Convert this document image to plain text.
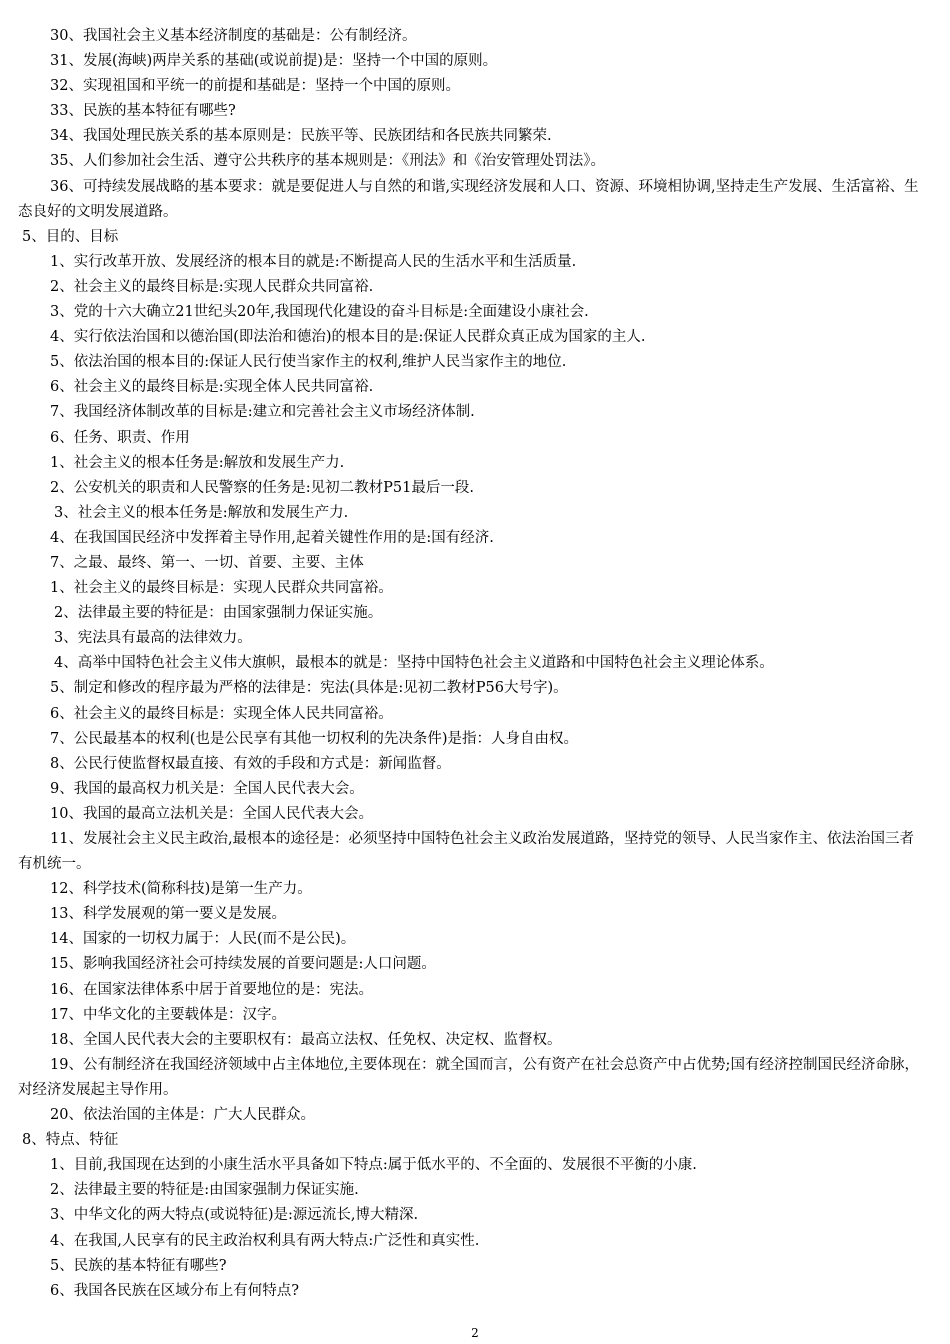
30、我国社会主义基本经济制度的基础是：公有制经济。

31、发展(海峡)两岸关系的基础(或说前提)是：坚持一个中国的原则。

32、实现祖国和平统一的前提和基础是：坚持一个中国的原则。

33、民族的基本特征有哪些?

34、我国处理民族关系的基本原则是：民族平等、民族团结和各民族共同繁荣.

35、人们参加社会生活、遵守公共秩序的基本规则是：《刑法》和《治安管理处罚法》。

36、可持续发展战略的基本要求：就是要促进人与自然的和谐,实现经济发展和人口、资源、环境相协调,坚持走生产发展、生活富裕、生态良好的文明发展道路。

5、目的、目标

1、实行改革开放、发展经济的根本目的就是:不断提高人民的生活水平和生活质量.

2、社会主义的最终目标是:实现人民群众共同富裕.

3、党的十六大确立21世纪头20年,我国现代化建设的奋斗目标是:全面建设小康社会.

4、实行依法治国和以德治国(即法治和德治)的根本目的是:保证人民群众真正成为国家的主人.

5、依法治国的根本目的:保证人民行使当家作主的权利,维护人民当家作主的地位.

6、社会主义的最终目标是:实现全体人民共同富裕.

7、我国经济体制改革的目标是:建立和完善社会主义市场经济体制.

6、任务、职责、作用

1、社会主义的根本任务是:解放和发展生产力.

2、公安机关的职责和人民警察的任务是:见初二教材P51最后一段.

3、社会主义的根本任务是:解放和发展生产力.

4、在我国国民经济中发挥着主导作用,起着关键性作用的是:国有经济.

7、之最、最终、第一、一切、首要、主要、主体

1、社会主义的最终目标是：实现人民群众共同富裕。

2、法律最主要的特征是：由国家强制力保证实施。

3、宪法具有最高的法律效力。

4、高举中国特色社会主义伟大旗帜，最根本的就是：坚持中国特色社会主义道路和中国特色社会主义理论体系。

5、制定和修改的程序最为严格的法律是：宪法(具体是:见初二教材P56大号字)。

6、社会主义的最终目标是：实现全体人民共同富裕。

7、公民最基本的权利(也是公民享有其他一切权利的先决条件)是指：人身自由权。

8、公民行使监督权最直接、有效的手段和方式是：新闻监督。

9、我国的最高权力机关是：全国人民代表大会。

10、我国的最高立法机关是：全国人民代表大会。

11、发展社会主义民主政治,最根本的途径是：必须坚持中国特色社会主义政治发展道路，坚持党的领导、人民当家作主、依法治国三者有机统一。

12、科学技术(简称科技)是第一生产力。

13、科学发展观的第一要义是发展。

14、国家的一切权力属于：人民(而不是公民)。

15、影响我国经济社会可持续发展的首要问题是:人口问题。

16、在国家法律体系中居于首要地位的是：宪法。

17、中华文化的主要载体是：汉字。

18、全国人民代表大会的主要职权有：最高立法权、任免权、决定权、监督权。

19、公有制经济在我国经济领域中占主体地位,主要体现在：就全国而言，公有资产在社会总资产中占优势;国有经济控制国民经济命脉，对经济发展起主导作用。

20、依法治国的主体是：广大人民群众。

8、特点、特征

1、目前,我国现在达到的小康生活水平具备如下特点:属于低水平的、不全面的、发展很不平衡的小康.

2、法律最主要的特征是:由国家强制力保证实施.

3、中华文化的两大特点(或说特征)是:源远流长,博大精深.

4、在我国,人民享有的民主政治权利具有两大特点:广泛性和真实性.

5、民族的基本特征有哪些?

6、我国各民族在区域分布上有何特点?

2
